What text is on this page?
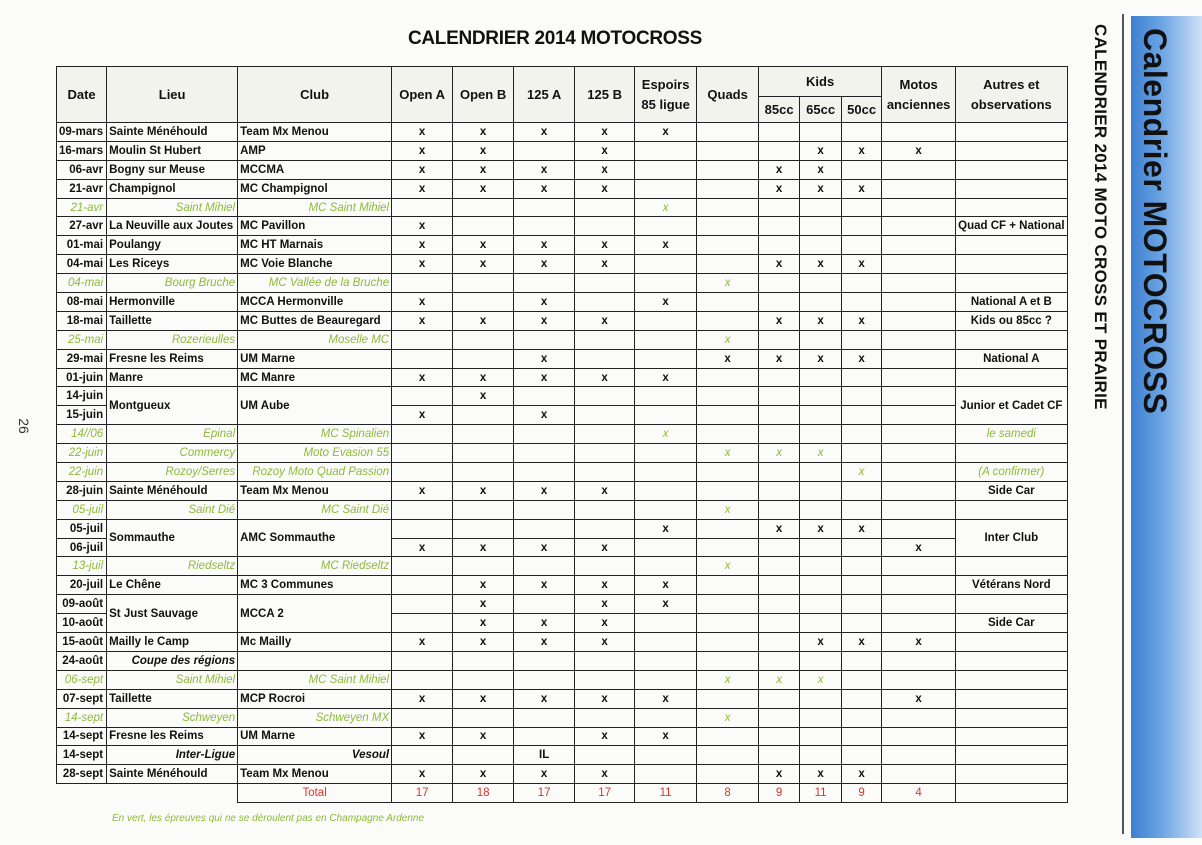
CALENDRIER 2014 MOTOCROSS
26
Date	Lieu	Club	Open A	Open B	125 A	125 B	Espoirs 85 ligue	Quads	Kids			Motos anciennes	Autres et observations
									85cc	65cc	50cc		
09-mars	Sainte Ménéhould	Team Mx Menou	x	x	x	x	x						
16-mars	Moulin St Hubert	AMP	x	x		x				x	x	x	
06-avr	Bogny sur Meuse	MCCMA	x	x	x	x			x	x			
21-avr	Champignol	MC Champignol	x	x	x	x			x	x	x		
21-avr	Saint Mihiel	MC Saint Mihiel					x						
27-avr	La Neuville aux Joutes	MC Pavillon	x										Quad CF + National
01-mai	Poulangy	MC HT Marnais	x	x	x	x	x						
04-mai	Les Riceys	MC Voie Blanche	x	x	x	x			x	x	x		
04-mai	Bourg Bruche	MC Vallée de la Bruche						x					
08-mai	Hermonville	MCCA Hermonville	x		x		x						National A et B
18-mai	Taillette	MC Buttes de Beauregard	x	x	x	x			x	x	x		Kids ou 85cc ?
25-mai	Rozerieulles	Moselle MC						x					
29-mai	Fresne les Reims	UM Marne			x			x	x	x	x		National A
01-juin	Manre	MC Manre	x	x	x	x	x						
14-juin	Montgueux	UM Aube		x									Junior et Cadet CF
15-juin			x		x								
14//06	Epinal	MC Spinalien					x						le samedi
22-juin	Commercy	Moto Evasion 55						x	x	x			
22-juin	Rozoy/Serres	Rozoy Moto Quad Passion									x		(A confirmer)
28-juin	Sainte Ménéhould	Team Mx Menou	x	x	x	x							Side Car
05-juil	Saint Dié	MC Saint Dié						x					
05-juil	Sommauthe	AMC Sommauthe					x		x	x	x		Inter Club
06-juil			x	x	x	x						x	
13-juil	Riedseltz	MC Riedseltz						x					
20-juil	Le Chêne	MC 3 Communes		x	x	x	x						Vétérans Nord
09-août	St Just Sauvage	MCCA 2		x		x	x						
10-août				x	x	x							Side Car
15-août	Mailly le Camp	Mc Mailly	x	x	x	x				x	x	x	
24-août	Coupe des régions												
06-sept	Saint Mihiel	MC Saint Mihiel						x	x	x			
07-sept	Taillette	MCP Rocroi	x	x	x	x	x					x	
14-sept	Schweyen	Schweyen MX						x					
14-sept	Fresne les Reims	UM Marne	x	x		x	x						
14-sept	Inter-Ligue	Vesoul			IL								
28-sept	Sainte Ménéhould	Team Mx Menou	x	x	x	x			x	x	x		
		Total	17	18	17	17	11	8	9	11	9	4	
En vert, les épreuves qui ne se déroulent pas en Champagne Ardenne
CALENDRIER 2014 MOTO CROSS ET PRAIRIE Calendrier MOTOCROSS
